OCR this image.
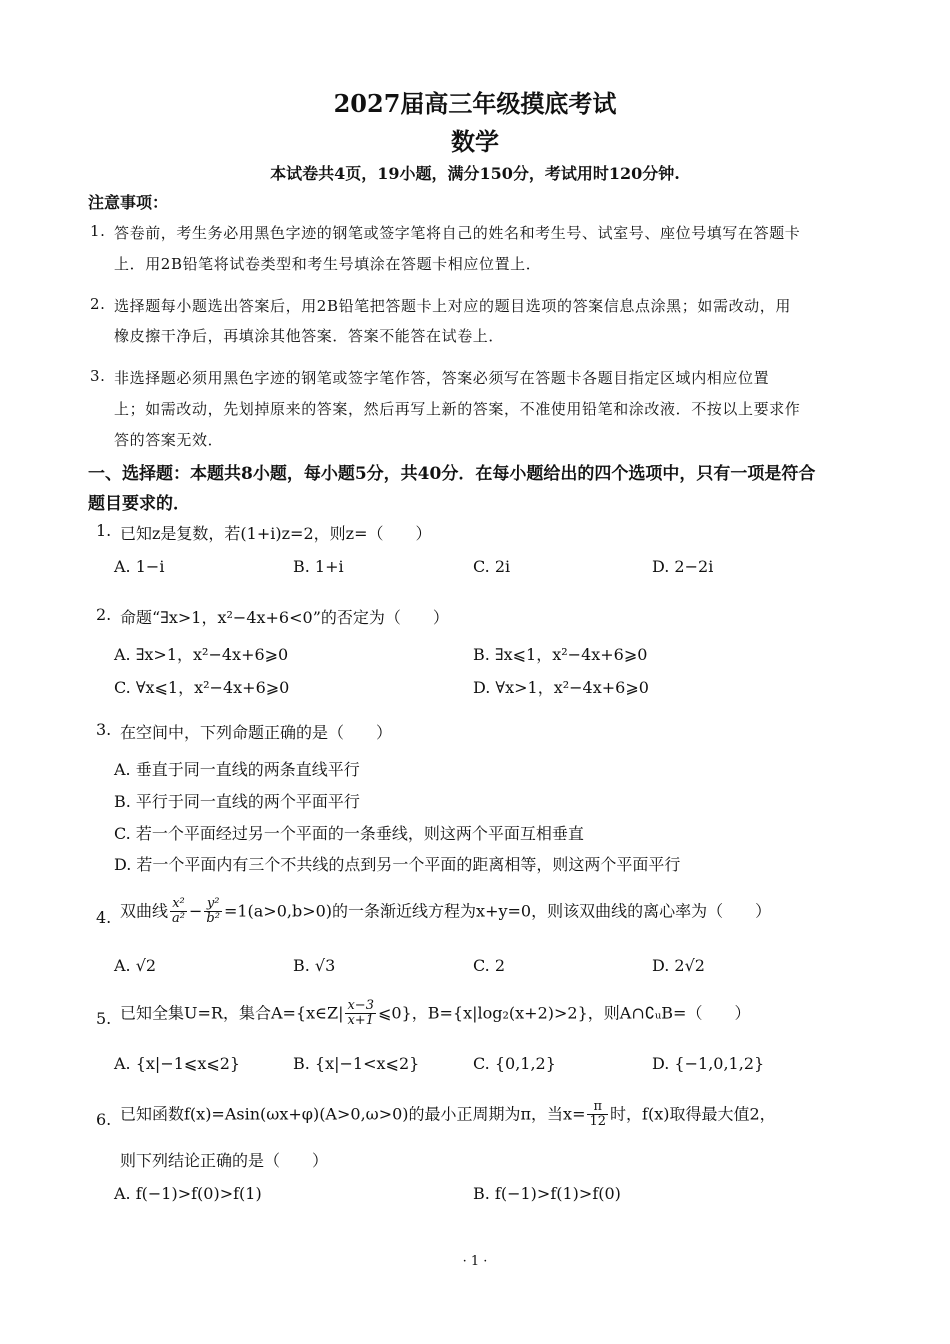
2027届高三年级摸底考试
数学
本试卷共4页，19小题，满分150分，考试用时120分钟.
注意事项：
1. 答卷前，考生务必用黑色字迹的钢笔或签字笔将自己的姓名和考生号、试室号、座位号填写在答题卡
上．用2B铅笔将试卷类型和考生号填涂在答题卡相应位置上．
2. 选择题每小题选出答案后，用2B铅笔把答题卡上对应的题目选项的答案信息点涂黑；如需改动，用
橡皮擦干净后，再填涂其他答案．答案不能答在试卷上．
3. 非选择题必须用黑色字迹的钢笔或签字笔作答，答案必须写在答题卡各题目指定区域内相应位置
上；如需改动，先划掉原来的答案，然后再写上新的答案，不准使用铅笔和涂改液．不按以上要求作
答的答案无效．
一、选择题：本题共8小题，每小题5分，共40分．在每小题给出的四个选项中，只有一项是符合
题目要求的．
1. 已知z是复数，若(1+i)z=2，则z=（　　）
A. 1−i	B. 1+i	C. 2i	D. 2−2i
2. 命题“∃x>1，x²−4x+6<0”的否定为（　　）
A. ∃x>1，x²−4x+6⩾0	B. ∃x⩽1，x²−4x+6⩾0
C. ∀x⩽1，x²−4x+6⩾0	D. ∀x>1，x²−4x+6⩾0
3. 在空间中，下列命题正确的是（　　）
A. 垂直于同一直线的两条直线平行
B. 平行于同一直线的两个平面平行
C. 若一个平面经过另一个平面的一条垂线，则这两个平面互相垂直
D. 若一个平面内有三个不共线的点到另一个平面的距离相等，则这两个平面平行
4. 双曲线 $\frac{\text{x²}}{\text{a²}} - \frac{\text{y²}}{\text{b²}} =1(a>0,b>0)$的一条渐近线方程为x+y=0，则该双曲线的离心率为（　　）
A. √2	B. √3	C. 2	D. 2√2
5. 已知全集U=R，集合A={x∈Z| $\frac{x-3}{x+1}$ ⩽0}，B={x|log₂(x+2)>2}，则A∩∁ᵤB=（　　）
A. {x|−1⩽x⩽2}	B. {x|−1<x⩽2}	C. {0,1,2}	D. {−1,0,1,2}
6. 已知函数f(x)=Asin(ωx+φ)(A>0,ω>0)的最小正周期为π，当$x= \frac{\pi}{12}$ 时，f(x)取得最大值2，
则下列结论正确的是（　　）
A. f(−1)>f(0)>f(1)	B. f(−1)>f(1)>f(0)
· 1 ·
